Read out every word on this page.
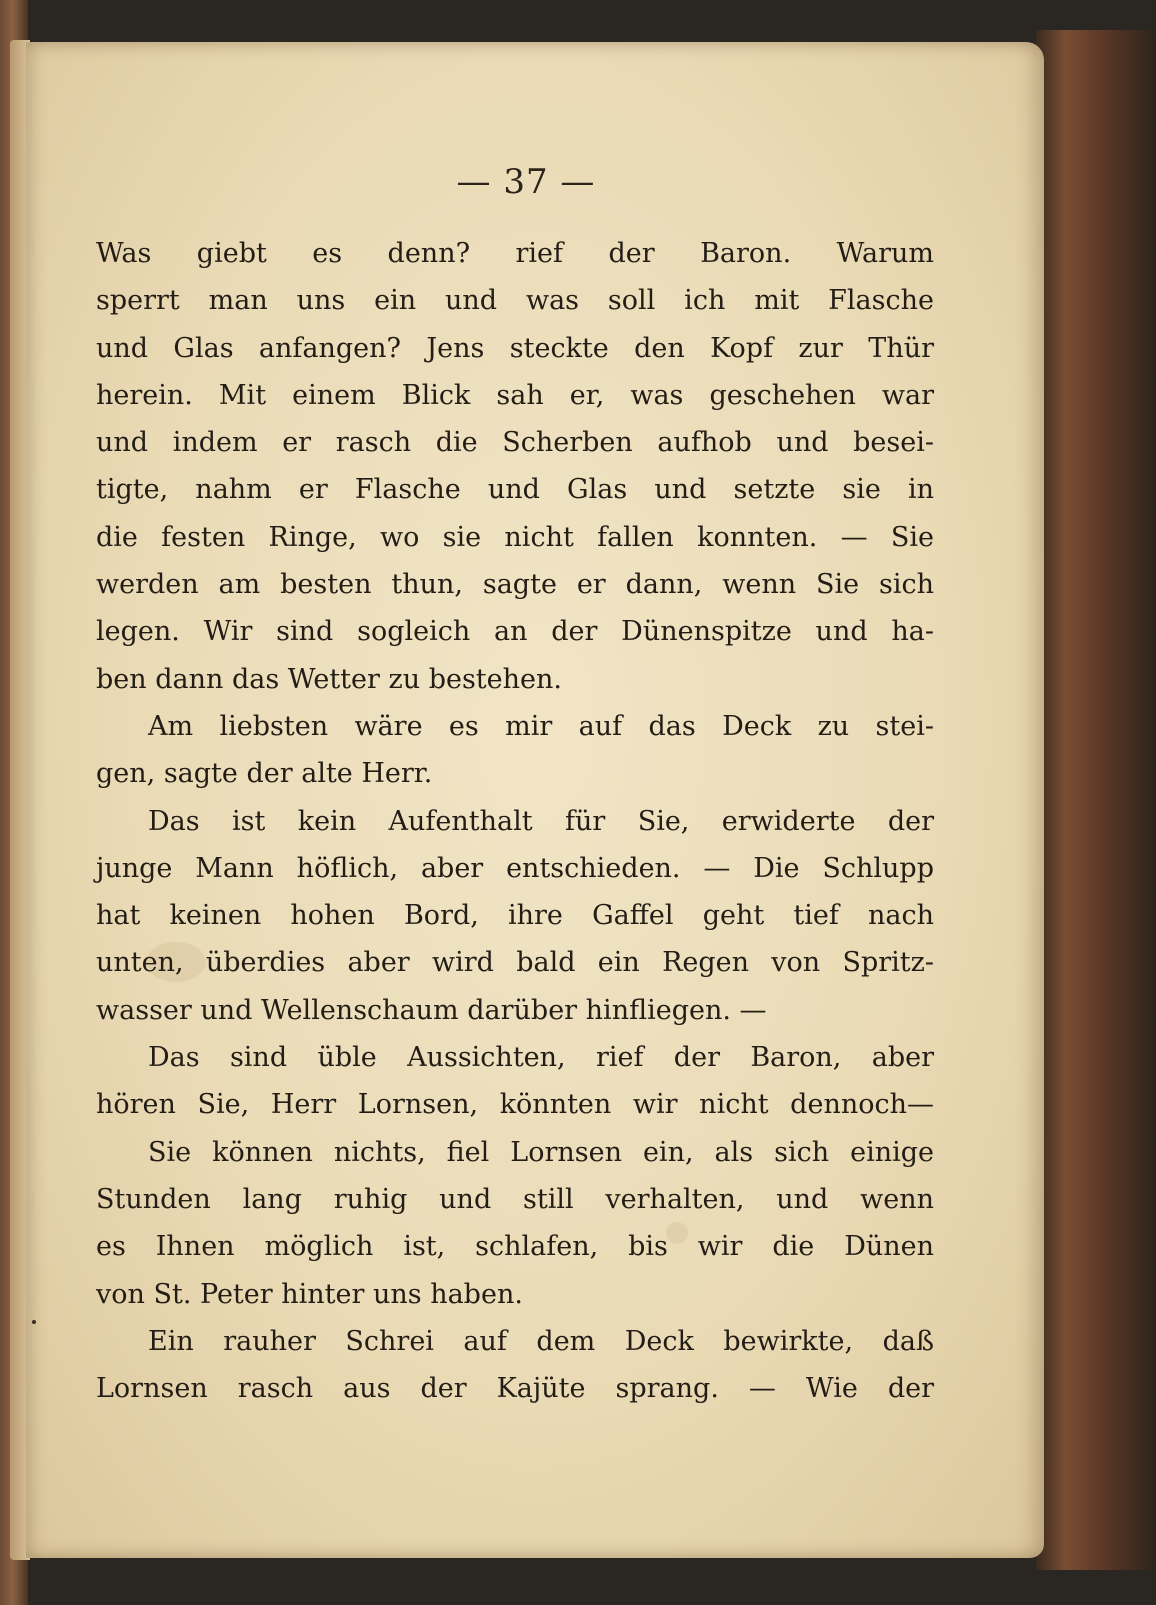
— 37 —

Was giebt es denn? rief der Baron. Warum
sperrt man uns ein und was soll ich mit Flasche
und Glas anfangen? Jens steckte den Kopf zur Thür
herein. Mit einem Blick sah er, was geschehen war
und indem er rasch die Scherben aufhob und besei-
tigte, nahm er Flasche und Glas und setzte sie in
die festen Ringe, wo sie nicht fallen konnten. — Sie
werden am besten thun, sagte er dann, wenn Sie sich
legen. Wir sind sogleich an der Dünenspitze und ha-
ben dann das Wetter zu bestehen.

Am liebsten wäre es mir auf das Deck zu stei-
gen, sagte der alte Herr.

Das ist kein Aufenthalt für Sie, erwiderte der
junge Mann höflich, aber entschieden. — Die Schlupp
hat keinen hohen Bord, ihre Gaffel geht tief nach
unten, überdies aber wird bald ein Regen von Spritz-
wasser und Wellenschaum darüber hinfliegen. —

Das sind üble Aussichten, rief der Baron, aber
hören Sie, Herr Lornsen, könnten wir nicht dennoch—

Sie können nichts, fiel Lornsen ein, als sich einige
Stunden lang ruhig und still verhalten, und wenn
es Ihnen möglich ist, schlafen, bis wir die Dünen
von St. Peter hinter uns haben.

Ein rauher Schrei auf dem Deck bewirkte, daß
Lornsen rasch aus der Kajüte sprang. — Wie der
